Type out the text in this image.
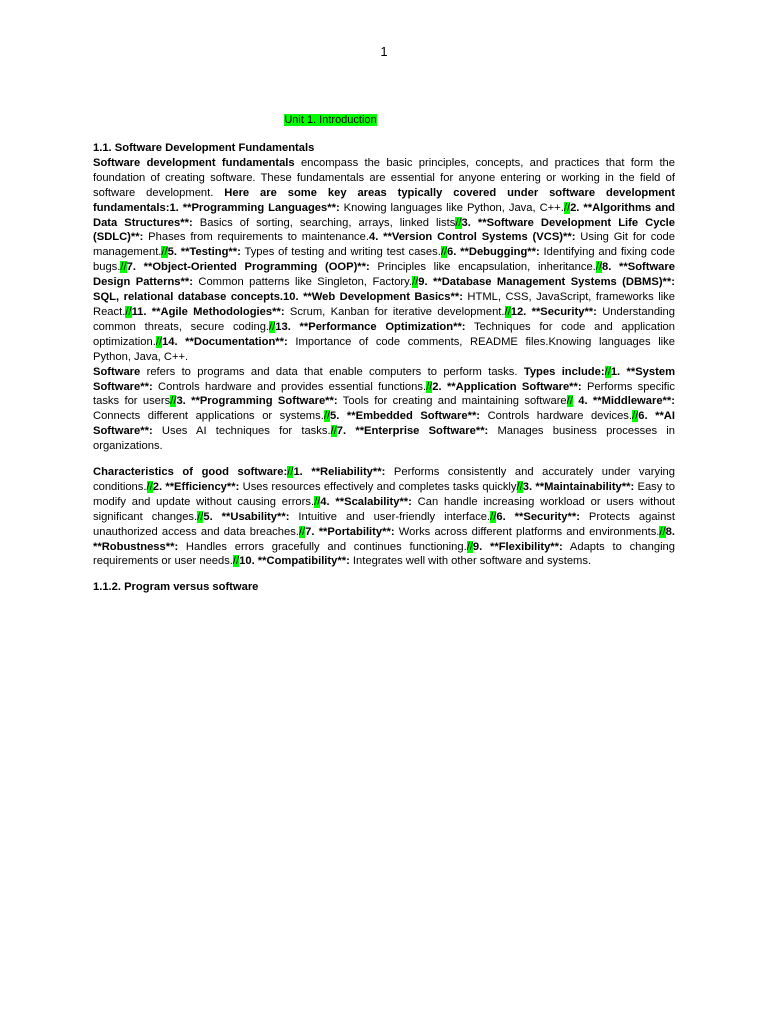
1
Unit 1. Introduction

1.1. Software Development Fundamentals

Software development fundamentals encompass the basic principles, concepts, and practices that form the foundation of creating software. These fundamentals are essential for anyone entering or working in the field of software development. Here are some key areas typically covered under software development fundamentals:1. **Programming Languages**: Knowing languages like Python, Java, C++.//2. **Algorithms and Data Structures**: Basics of sorting, searching, arrays, linked lists//3. **Software Development Life Cycle (SDLC)**: Phases from requirements to maintenance.4. **Version Control Systems (VCS)**: Using Git for code management.//5. **Testing**: Types of testing and writing test cases.//6. **Debugging**: Identifying and fixing code bugs.//7. **Object-Oriented Programming (OOP)**: Principles like encapsulation, inheritance.//8. **Software Design Patterns**: Common patterns like Singleton, Factory.//9. **Database Management Systems (DBMS)**: SQL, relational database concepts.10. **Web Development Basics**: HTML, CSS, JavaScript, frameworks like React.//11. **Agile Methodologies**: Scrum, Kanban for iterative development.//12. **Security**: Understanding common threats, secure coding.//13. **Performance Optimization**: Techniques for code and application optimization.//14. **Documentation**: Importance of code comments, README files.Knowing languages like Python, Java, C++.

Software refers to programs and data that enable computers to perform tasks. Types include://1. **System Software**: Controls hardware and provides essential functions.//2. **Application Software**: Performs specific tasks for users//3. **Programming Software**: Tools for creating and maintaining software// 4. **Middleware**: Connects different applications or systems.//5. **Embedded Software**: Controls hardware devices.//6. **AI Software**: Uses AI techniques for tasks.//7. **Enterprise Software**: Manages business processes in organizations.

Characteristics of good software://1. **Reliability**: Performs consistently and accurately under varying conditions.//2. **Efficiency**: Uses resources effectively and completes tasks quickly//3. **Maintainability**: Easy to modify and update without causing errors.//4. **Scalability**: Can handle increasing workload or users without significant changes.//5. **Usability**: Intuitive and user-friendly interface.//6. **Security**: Protects against unauthorized access and data breaches.//7. **Portability**: Works across different platforms and environments.//8. **Robustness**: Handles errors gracefully and continues functioning.//9. **Flexibility**: Adapts to changing requirements or user needs.//10. **Compatibility**: Integrates well with other software and systems.

1.1.2. Program versus software
